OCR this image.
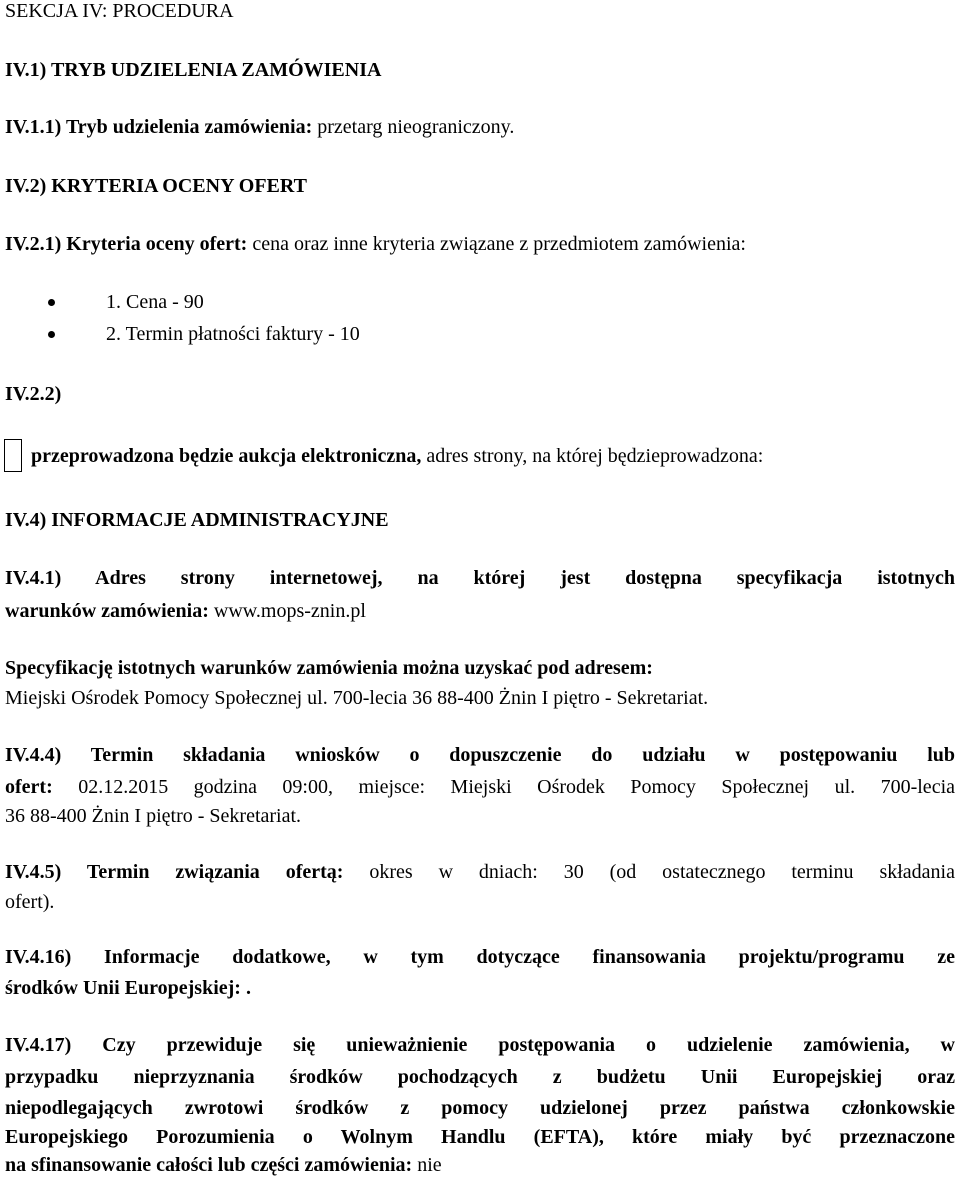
SEKCJA IV: PROCEDURA
IV.1) TRYB UDZIELENIA ZAMÓWIENIA
IV.1.1) Tryb udzielenia zamówienia: przetarg nieograniczony.
IV.2) KRYTERIA OCENY OFERT
IV.2.1) Kryteria oceny ofert: cena oraz inne kryteria związane z przedmiotem zamówienia:
1. Cena - 90
2. Termin płatności faktury - 10
IV.2.2)
przeprowadzona będzie aukcja elektroniczna, adres strony, na której będzieprowadzona:
IV.4) INFORMACJE ADMINISTRACYJNE
IV.4.1) Adres strony internetowej, na której jest dostępna specyfikacja istotnych
warunków zamówienia: www.mops-znin.pl
Specyfikację istotnych warunków zamówienia można uzyskać pod adresem:
Miejski Ośrodek Pomocy Społecznej ul. 700-lecia 36 88-400 Żnin I piętro - Sekretariat.
IV.4.4) Termin składania wniosków o dopuszczenie do udziału w postępowaniu lub
ofert: 02.12.2015 godzina 09:00, miejsce: Miejski Ośrodek Pomocy Społecznej ul. 700-lecia
36 88-400 Żnin I piętro - Sekretariat.
IV.4.5) Termin związania ofertą: okres w dniach: 30 (od ostatecznego terminu składania
ofert).
IV.4.16) Informacje dodatkowe, w tym dotyczące finansowania projektu/programu ze
środków Unii Europejskiej: .
IV.4.17) Czy przewiduje się unieważnienie postępowania o udzielenie zamówienia, w
przypadku nieprzyznania środków pochodzących z budżetu Unii Europejskiej oraz
niepodlegających zwrotowi środków z pomocy udzielonej przez państwa członkowskie
Europejskiego Porozumienia o Wolnym Handlu (EFTA), które miały być przeznaczone
na sfinansowanie całości lub części zamówienia: nie
